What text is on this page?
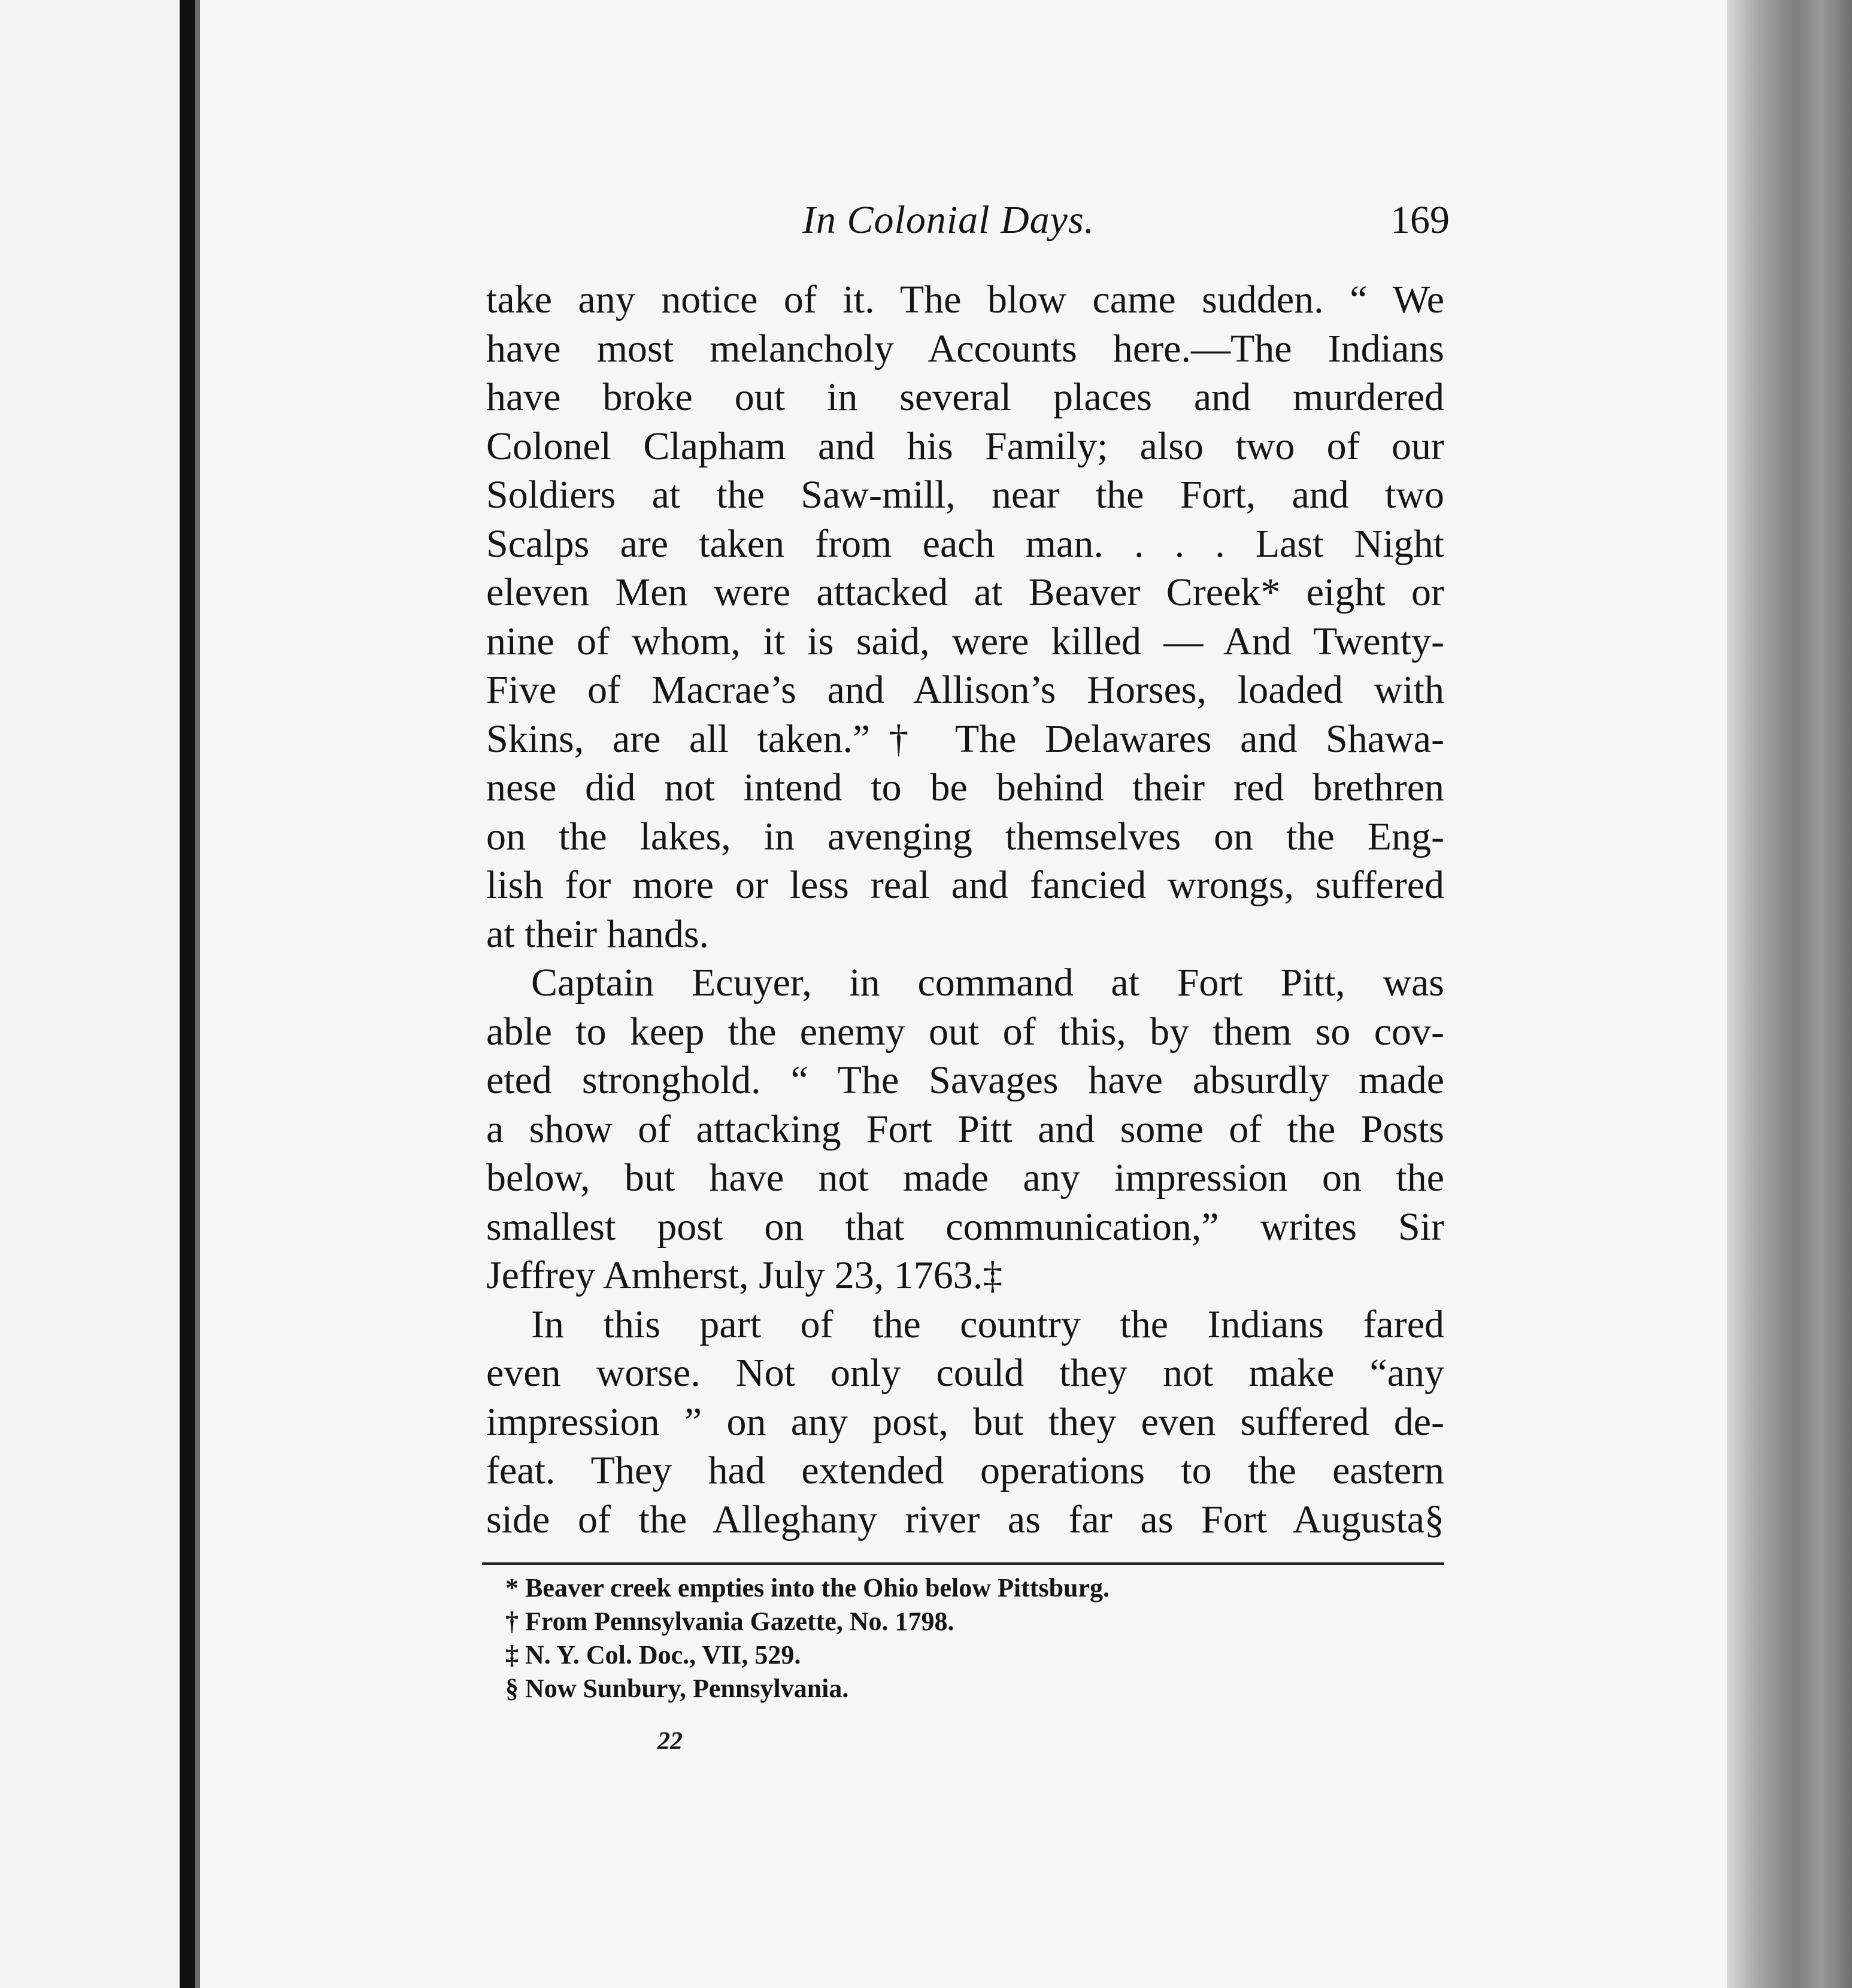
In Colonial Days.	169
take any notice of it. The blow came sudden. “ We
have most melancholy Accounts here.—The Indians
have broke out in several places and murdered
Colonel Clapham and his Family; also two of our
Soldiers at the Saw-mill, near the Fort, and two
Scalps are taken from each man. . . . Last Night
eleven Men were attacked at Beaver Creek* eight or
nine of whom, it is said, were killed — And Twenty-
Five of Macrae’s and Allison’s Horses, loaded with
Skins, are all taken.”† The Delawares and Shawa-
nese did not intend to be behind their red brethren
on the lakes, in avenging themselves on the Eng-
lish for more or less real and fancied wrongs, suffered
at their hands.
Captain Ecuyer, in command at Fort Pitt, was
able to keep the enemy out of this, by them so cov-
eted stronghold. “ The Savages have absurdly made
a show of attacking Fort Pitt and some of the Posts
below, but have not made any impression on the
smallest post on that communication,” writes Sir
Jeffrey Amherst, July 23, 1763.‡
In this part of the country the Indians fared
even worse. Not only could they not make “any
impression ” on any post, but they even suffered de-
feat. They had extended operations to the eastern
side of the Alleghany river as far as Fort Augusta§
* Beaver creek empties into the Ohio below Pittsburg.
† From Pennsylvania Gazette, No. 1798.
‡ N. Y. Col. Doc., VII, 529.
§ Now Sunbury, Pennsylvania.
22
